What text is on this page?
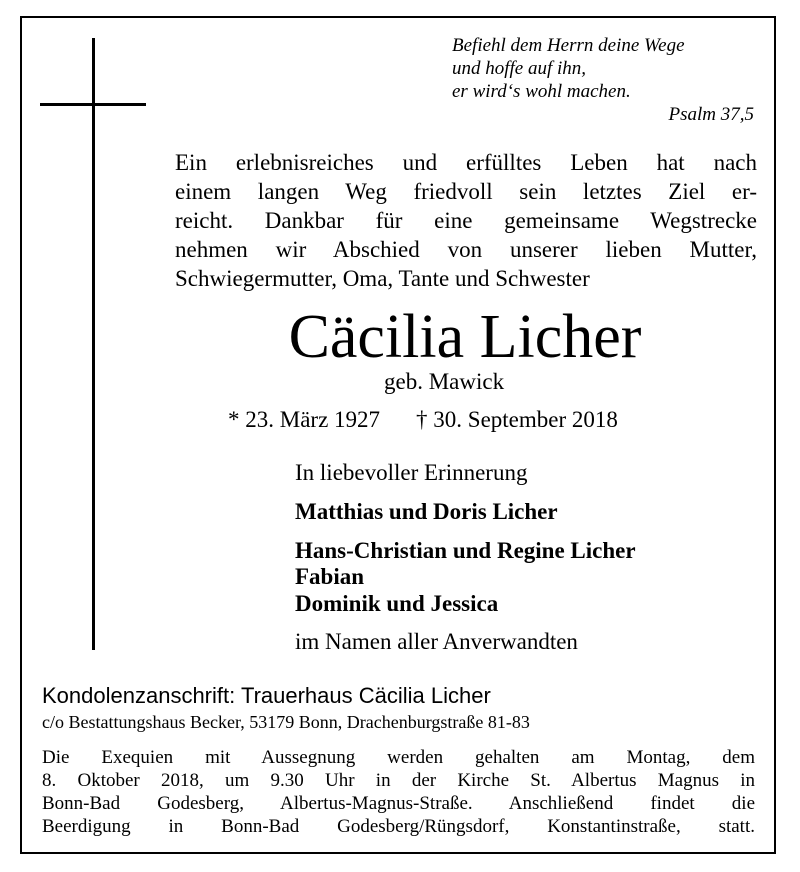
Befiehl dem Herrn deine Wege
und hoffe auf ihn,
er wird‘s wohl machen.
Psalm 37,5
Ein erlebnisreiches und erfülltes Leben hat nach
einem langen Weg friedvoll sein letztes Ziel er-
reicht. Dankbar für eine gemeinsame Wegstrecke
nehmen wir Abschied von unserer lieben Mutter,
Schwiegermutter, Oma, Tante und Schwester
Cäcilia Licher
geb. Mawick
* 23. März 1927 † 30. September 2018
In liebevoller Erinnerung
Matthias und Doris Licher
Hans-Christian und Regine Licher
Fabian
Dominik und Jessica
im Namen aller Anverwandten
Kondolenzanschrift: Trauerhaus Cäcilia Licher
c/o Bestattungshaus Becker, 53179 Bonn, Drachenburgstraße 81-83
Die Exequien mit Aussegnung werden gehalten am Montag, dem
8. Oktober 2018, um 9.30 Uhr in der Kirche St. Albertus Magnus in
Bonn-Bad Godesberg, Albertus-Magnus-Straße. Anschließend findet die
Beerdigung in Bonn-Bad Godesberg/Rüngsdorf, Konstantinstraße, statt.
